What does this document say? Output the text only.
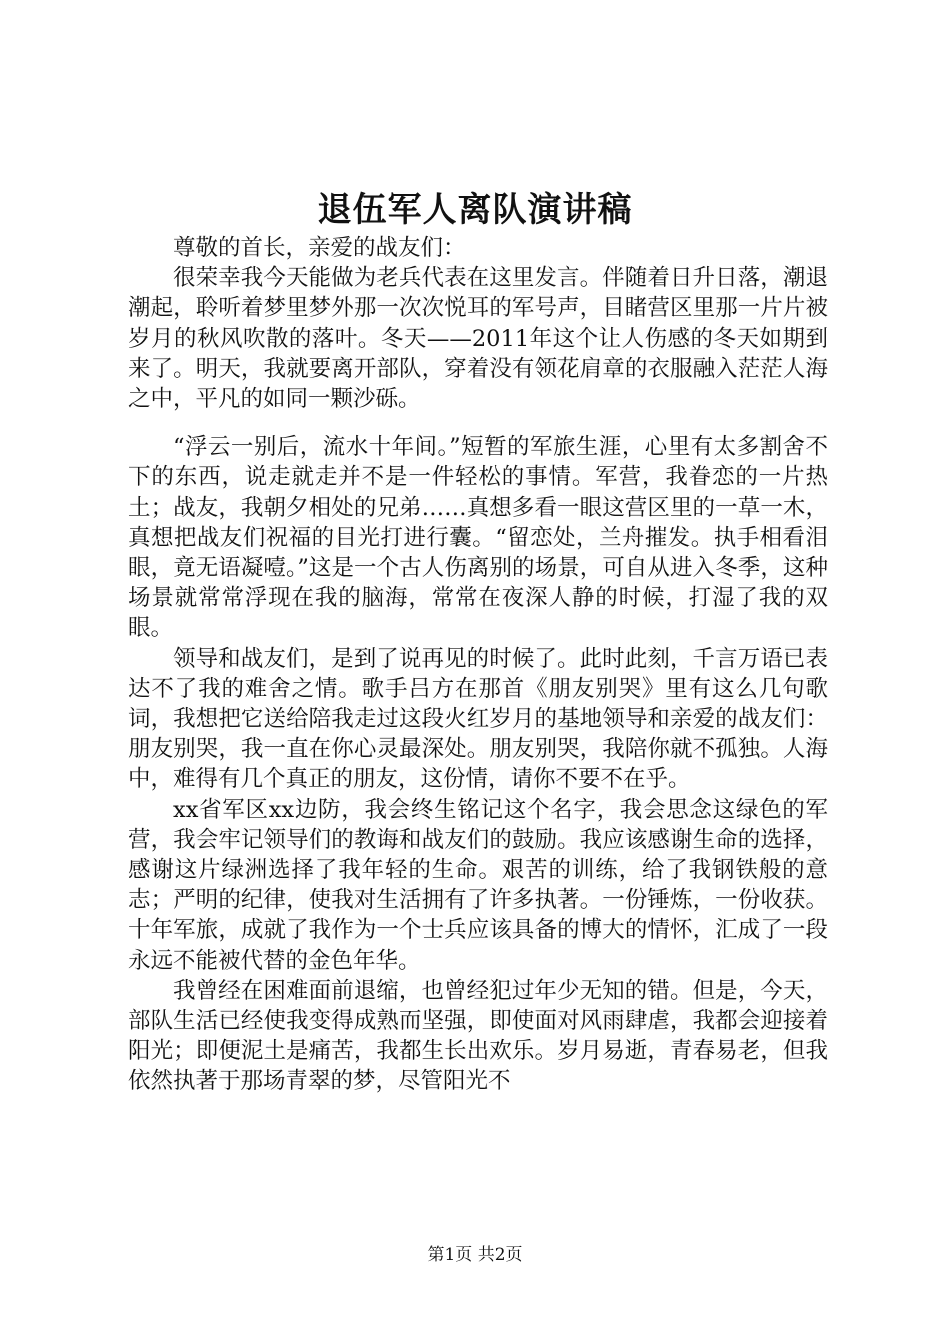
退伍军人离队演讲稿

尊敬的首长，亲爱的战友们：

很荣幸我今天能做为老兵代表在这里发言。伴随着日升日落，潮退潮起，聆听着梦里梦外那一次次悦耳的军号声，目睹营区里那一片片被岁月的秋风吹散的落叶。冬天——2011年这个让人伤感的冬天如期到来了。明天，我就要离开部队，穿着没有领花肩章的衣服融入茫茫人海之中，平凡的如同一颗沙砾。

“浮云一别后，流水十年间。”短暂的军旅生涯，心里有太多割舍不下的东西，说走就走并不是一件轻松的事情。军营，我眷恋的一片热土；战友，我朝夕相处的兄弟……真想多看一眼这营区里的一草一木，真想把战友们祝福的目光打进行囊。“留恋处，兰舟摧发。执手相看泪眼，竟无语凝噎。”这是一个古人伤离别的场景，可自从进入冬季，这种场景就常常浮现在我的脑海，常常在夜深人静的时候，打湿了我的双眼。

领导和战友们，是到了说再见的时候了。此时此刻，千言万语已表达不了我的难舍之情。歌手吕方在那首《朋友别哭》里有这么几句歌词，我想把它送给陪我走过这段火红岁月的基地领导和亲爱的战友们：朋友别哭，我一直在你心灵最深处。朋友别哭，我陪你就不孤独。人海中，难得有几个真正的朋友，这份情，请你不要不在乎。

xx省军区xx边防，我会终生铭记这个名字，我会思念这绿色的军营，我会牢记领导们的教诲和战友们的鼓励。我应该感谢生命的选择，感谢这片绿洲选择了我年轻的生命。艰苦的训练，给了我钢铁般的意志；严明的纪律，使我对生活拥有了许多执著。一份锤炼，一份收获。十年军旅，成就了我作为一个士兵应该具备的博大的情怀，汇成了一段永远不能被代替的金色年华。

我曾经在困难面前退缩，也曾经犯过年少无知的错。但是，今天，部队生活已经使我变得成熟而坚强，即使面对风雨肆虐，我都会迎接着阳光；即便泥土是痛苦，我都生长出欢乐。岁月易逝，青春易老，但我依然执著于那场青翠的梦，尽管阳光不

第1页 共2页
